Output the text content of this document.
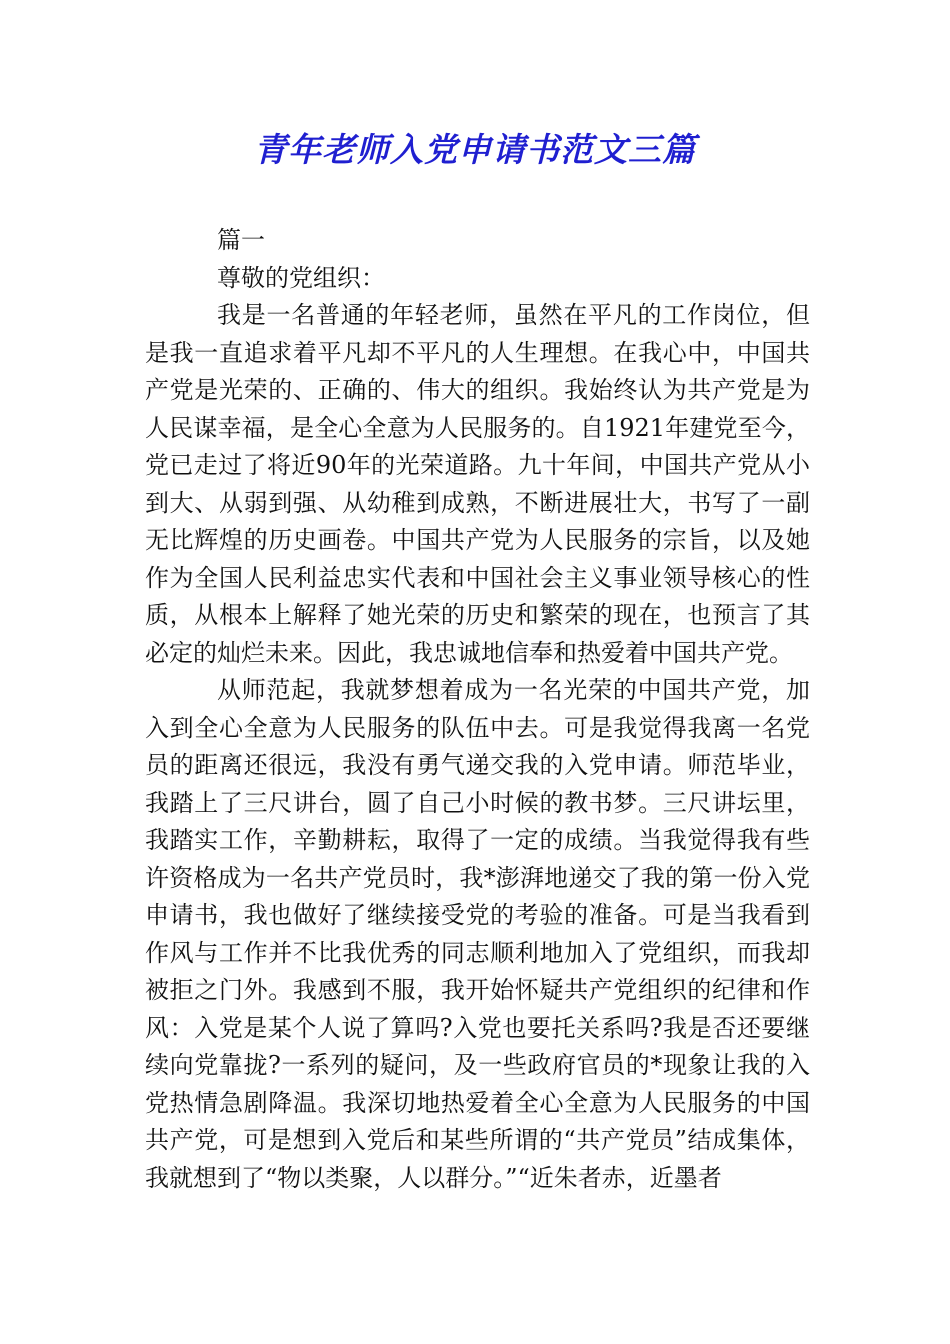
青年老师入党申请书范文三篇

篇一

尊敬的党组织：

我是一名普通的年轻老师，虽然在平凡的工作岗位，但是我一直追求着平凡却不平凡的人生理想。在我心中，中国共产党是光荣的、正确的、伟大的组织。我始终认为共产党是为人民谋幸福，是全心全意为人民服务的。自1921年建党至今，党已走过了将近90年的光荣道路。九十年间，中国共产党从小到大、从弱到强、从幼稚到成熟，不断进展壮大，书写了一副无比辉煌的历史画卷。中国共产党为人民服务的宗旨，以及她作为全国人民利益忠实代表和中国社会主义事业领导核心的性质，从根本上解释了她光荣的历史和繁荣的现在，也预言了其必定的灿烂未来。因此，我忠诚地信奉和热爱着中国共产党。

从师范起，我就梦想着成为一名光荣的中国共产党，加入到全心全意为人民服务的队伍中去。可是我觉得我离一名党员的距离还很远，我没有勇气递交我的入党申请。师范毕业，我踏上了三尺讲台，圆了自己小时候的教书梦。三尺讲坛里，我踏实工作，辛勤耕耘，取得了一定的成绩。当我觉得我有些许资格成为一名共产党员时，我*澎湃地递交了我的第一份入党申请书，我也做好了继续接受党的考验的准备。可是当我看到作风与工作并不比我优秀的同志顺利地加入了党组织，而我却被拒之门外。我感到不服，我开始怀疑共产党组织的纪律和作风：入党是某个人说了算吗?入党也要托关系吗?我是否还要继续向党靠拢?一系列的疑问，及一些政府官员的*现象让我的入党热情急剧降温。我深切地热爱着全心全意为人民服务的中国共产党，可是想到入党后和某些所谓的“共产党员”结成集体，我就想到了“物以类聚，人以群分。”“近朱者赤，近墨者
